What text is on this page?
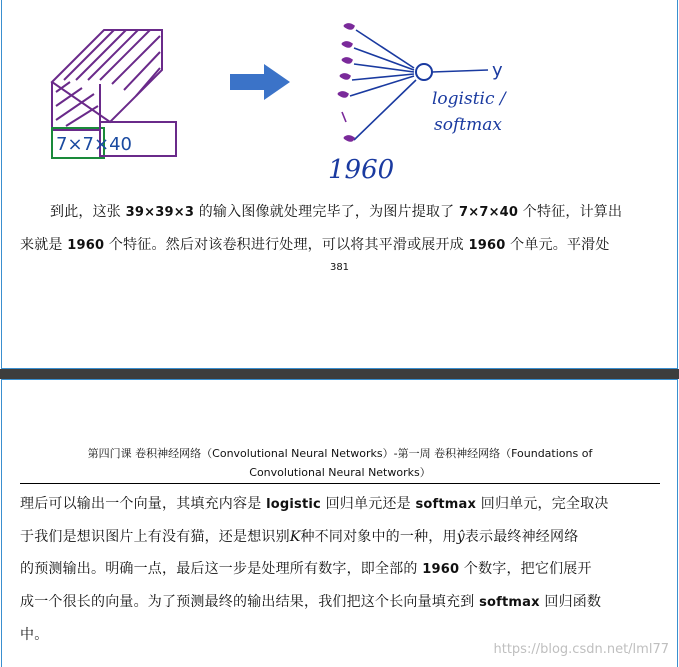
7×7×40
y
logistic /
softmax
1960
到此，这张 39×39×3 的输入图像就处理完毕了，为图片提取了 7×7×40 个特征，计算出
来就是 1960 个特征。然后对该卷积进行处理，可以将其平滑或展开成 1960 个单元。平滑处
381
第四门课 卷积神经网络（Convolutional Neural Networks）-第一周 卷积神经网络（Foundations of
Convolutional Neural Networks）
理后可以输出一个向量，其填充内容是 logistic 回归单元还是 softmax 回归单元，完全取决
于我们是想识图片上有没有猫，还是想识别K种不同对象中的一种，用ŷ表示最终神经网络
的预测输出。明确一点，最后这一步是处理所有数字，即全部的 1960 个数字，把它们展开
成一个很长的向量。为了预测最终的输出结果，我们把这个长向量填充到 softmax 回归函数
中。
https://blog.csdn.net/lml77
